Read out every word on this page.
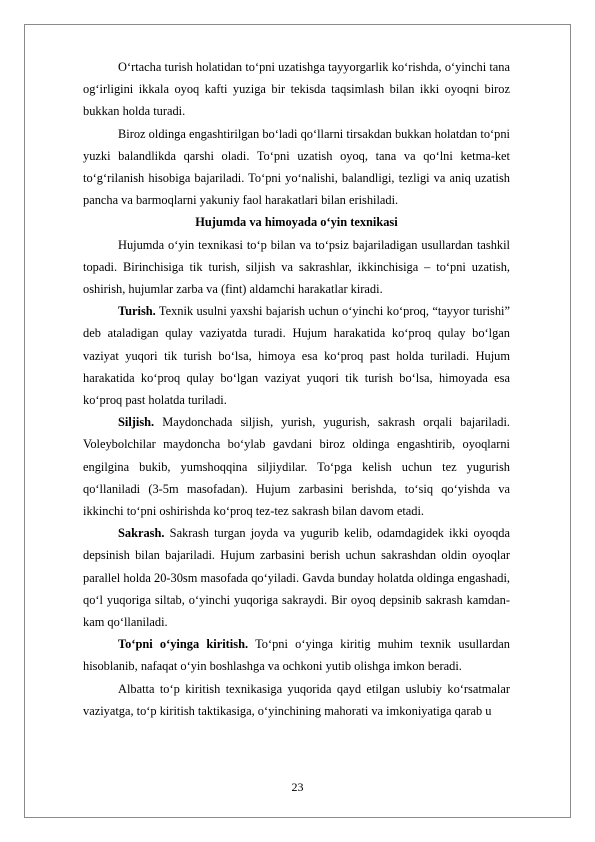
O‘rtacha turish holatidan to‘pni uzatishga tayyorgarlik ko‘rishda, o‘yinchi tana og‘irligini ikkala oyoq kafti yuziga bir tekisda taqsimlash bilan ikki oyoqni biroz bukkan holda turadi.

Biroz oldinga engashtirilgan bo‘ladi qo‘llarni tirsakdan bukkan holatdan to‘pni yuzki balandlikda qarshi oladi. To‘pni uzatish oyoq, tana va qo‘lni ketma-ket to‘g‘rilanish hisobiga bajariladi. To‘pni yo‘nalishi, balandligi, tezligi va aniq uzatish pancha va barmoqlarni yakuniy faol harakatlari bilan erishiladi.

Hujumda va himoyada o‘yin texnikasi

Hujumda o‘yin texnikasi to‘p bilan va to‘psiz bajariladigan usullardan tashkil topadi. Birinchisiga tik turish, siljish va sakrashlar, ikkinchisiga – to‘pni uzatish, oshirish, hujumlar zarba va (fint) aldamchi harakatlar kiradi.

Turish. Texnik usulni yaxshi bajarish uchun o‘yinchi ko‘proq, “tayyor turishi” deb ataladigan qulay vaziyatda turadi. Hujum harakatida ko‘proq qulay bo‘lgan vaziyat yuqori tik turish bo‘lsa, himoya esa ko‘proq past holda turiladi. Hujum harakatida ko‘proq qulay bo‘lgan vaziyat yuqori tik turish bo‘lsa, himoyada esa ko‘proq past holatda turiladi.

Siljish. Maydonchada siljish, yurish, yugurish, sakrash orqali bajariladi. Voleybolchilar maydoncha bo‘ylab gavdani biroz oldinga engashtirib, oyoqlarni engilgina bukib, yumshoqqina siljiydilar. To‘pga kelish uchun tez yugurish qo‘llaniladi (3-5m masofadan). Hujum zarbasini berishda, to‘siq qo‘yishda va ikkinchi to‘pni oshirishda ko‘proq tez-tez sakrash bilan davom etadi.

Sakrash. Sakrash turgan joyda va yugurib kelib, odamdagidek ikki oyoqda depsinish bilan bajariladi. Hujum zarbasini berish uchun sakrashdan oldin oyoqlar parallel holda 20-30sm masofada qo‘yiladi. Gavda bunday holatda oldinga engashadi, qo‘l yuqoriga siltab, o‘yinchi yuqoriga sakraydi. Bir oyoq depsinib sakrash kamdan-kam qo‘llaniladi.

To‘pni o‘yinga kiritish. To‘pni o‘yinga kiritig muhim texnik usullardan hisoblanib, nafaqat o‘yin boshlashga va ochkoni yutib olishga imkon beradi.

Albatta to‘p kiritish texnikasiga yuqorida qayd etilgan uslubiy ko‘rsatmalar vaziyatga, to‘p kiritish taktikasiga, o‘yinchining mahorati va imkoniyatiga qarab u

23
